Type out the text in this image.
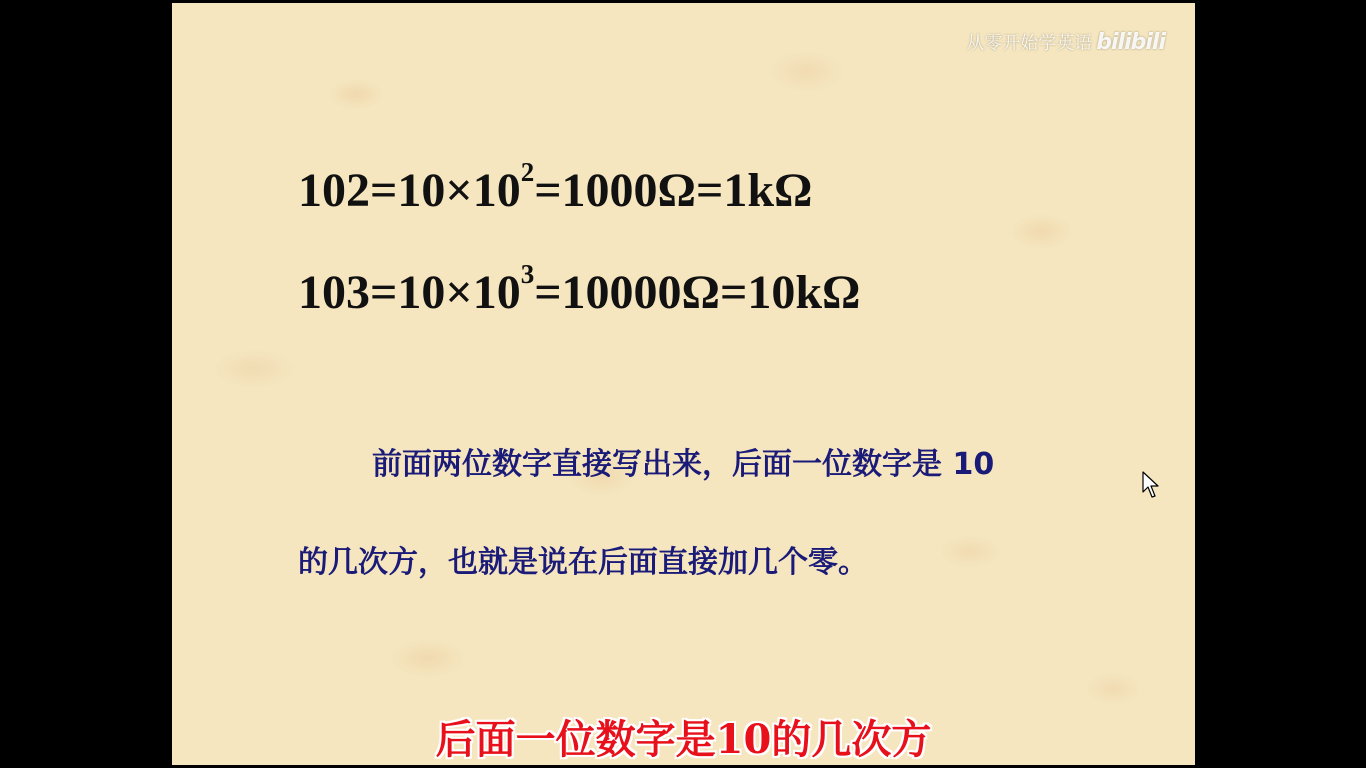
从零开始学英语 bilibili
$102=10\times 10^2=1000\Omega=1k\Omega$
$103=10\times 10^3=10000\Omega=10k\Omega$
前面两位数字直接写出来，后面一位数字是 10
的几次方，也就是说在后面直接加几个零。
后面一位数字是10的几次方
